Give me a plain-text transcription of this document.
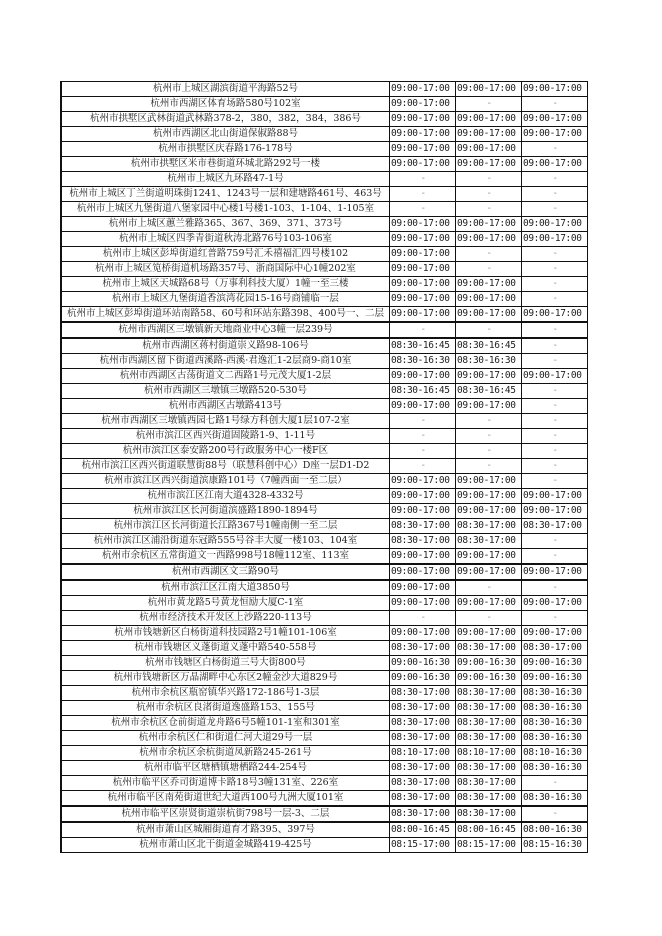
杭州市上城区湖滨街道平海路52号	09:00-17:00	09:00-17:00	09:00-17:00

杭州市西湖区体育场路580号102室	09:00-17:00	-	-

杭州市拱墅区武林街道武林路378-2，380，382，384，386号	09:00-17:00	09:00-17:00	09:00-17:00

杭州市西湖区北山街道保俶路88号	09:00-17:00	09:00-17:00	09:00-17:00

杭州市拱墅区庆春路176-178号	09:00-17:00	09:00-17:00	-

杭州市拱墅区米市巷街道环城北路292号一楼	09:00-17:00	09:00-17:00	09:00-17:00

杭州市上城区九环路47-1号	-	-	-

杭州市上城区丁兰街道明珠街1241、1243号一层和建塘路461号、463号	-	-	-

杭州市上城区九堡街道八堡家园中心楼1号楼1-103、1-104、1-105室	-	-	-

杭州市上城区蕙兰雅路365、367、369、371、373号	09:00-17:00	09:00-17:00	09:00-17:00

杭州市上城区四季青街道秋涛北路76号103-106室	09:00-17:00	09:00-17:00	09:00-17:00

杭州市上城区彭埠街道红普路759号汇禾禧福汇四号楼102	09:00-17:00	-	-

杭州市上城区笕桥街道机场路357号、浙商国际中心1幢202室	09:00-17:00	-	-

杭州市上城区天城路68号（万事利科技大厦）1幢一至三楼	09:00-17:00	09:00-17:00	-

杭州市上城区九堡街道香滨湾花园15-16号商铺临一层	09:00-17:00	09:00-17:00	-

杭州市上城区彭埠街道环站南路58、60号和环站东路398、400号一、二层	09:00-17:00	09:00-17:00	09:00-17:00

杭州市西湖区三墩镇新天地商业中心3幢一层239号	-	-	-

杭州市西湖区蒋村街道崇义路98-106号	08:30-16:45	08:30-16:45	-

杭州市西湖区留下街道西溪路-西溪·君逸汇1-2层商9-商10室	08:30-16:30	08:30-16:30	-

杭州市西湖区古荡街道文二西路1号元茂大厦1-2层	09:00-17:00	09:00-17:00	09:00-17:00

杭州市西湖区三墩镇三墩路520-530号	08:30-16:45	08:30-16:45	-

杭州市西湖区古墩路413号	09:00-17:00	09:00-17:00	-

杭州市西湖区三墩镇西园七路1号绿方科创大厦1层107-2室	-	-	-

杭州市滨江区西兴街道固陵路1-9、1-11号	-	-	-

杭州市滨江区泰安路200号行政服务中心一楼F区	-	-	-

杭州市滨江区西兴街道联慧街88号（联慧科创中心）D座一层D1-D2	-	-	-

杭州市滨江区西兴街道滨康路101号（7幢西面一至二层）	09:00-17:00	09:00-17:00	-

杭州市滨江区江南大道4328-4332号	09:00-17:00	09:00-17:00	09:00-17:00

杭州市滨江区长河街道滨盛路1890-1894号	09:00-17:00	09:00-17:00	09:00-17:00

杭州市滨江区长河街道长江路367号1幢南侧一至二层	08:30-17:00	08:30-17:00	08:30-17:00

杭州市滨江区浦沿街道东冠路555号谷丰大厦一楼103、104室	08:30-17:00	08:30-17:00	-

杭州市余杭区五常街道文一西路998号18幢112室、113室	09:00-17:00	09:00-17:00	-

杭州市西湖区文三路90号	09:00-17:00	09:00-17:00	09:00-17:00

杭州市滨江区江南大道3850号	09:00-17:00	-	-

杭州市黄龙路5号黄龙恒励大厦C-1室	09:00-17:00	09:00-17:00	09:00-17:00

杭州市经济技术开发区上沙路220-113号	-	-	-

杭州市钱塘新区白杨街道科技园路2号1幢101-106室	09:00-17:00	09:00-17:00	09:00-17:00

杭州市钱塘区义蓬街道义蓬中路540-558号	08:30-17:00	08:30-17:00	08:30-17:00

杭州市钱塘区白杨街道三号大街800号	09:00-16:30	09:00-16:30	09:00-16:30

杭州市钱塘新区万晶湖畔中心东区2幢金沙大道829号	09:00-16:30	09:00-16:30	09:00-16:30

杭州市余杭区瓶窑镇华兴路172-186号1-3层	08:30-17:00	08:30-17:00	08:30-16:30

杭州市余杭区良渚街道逸盛路153、155号	08:30-17:00	08:30-17:00	08:30-16:30

杭州市余杭区仓前街道龙舟路6号5幢101-1室和301室	08:30-17:00	08:30-17:00	08:30-16:30

杭州市余杭区仁和街道仁河大道29号一层	08:30-17:00	08:30-17:00	08:30-16:30

杭州市余杭区余杭街道凤新路245-261号	08:10-17:00	08:10-17:00	08:10-16:30

杭州市临平区塘栖镇塘栖路244-254号	08:30-17:00	08:30-17:00	08:30-16:30

杭州市临平区乔司街道博卡路18号3幢131室、226室	08:30-17:00	08:30-17:00	-

杭州市临平区南苑街道世纪大道西100号九洲大厦101室	08:30-17:00	08:30-17:00	08:30-16:30

杭州市临平区崇贤街道崇杭街798号一层-3、二层	08:30-17:00	08:30-17:00	-

杭州市萧山区城厢街道育才路395、397号	08:00-16:45	08:00-16:45	08:00-16:30

杭州市萧山区北干街道金城路419-425号	08:15-17:00	08:15-17:00	08:15-16:30
